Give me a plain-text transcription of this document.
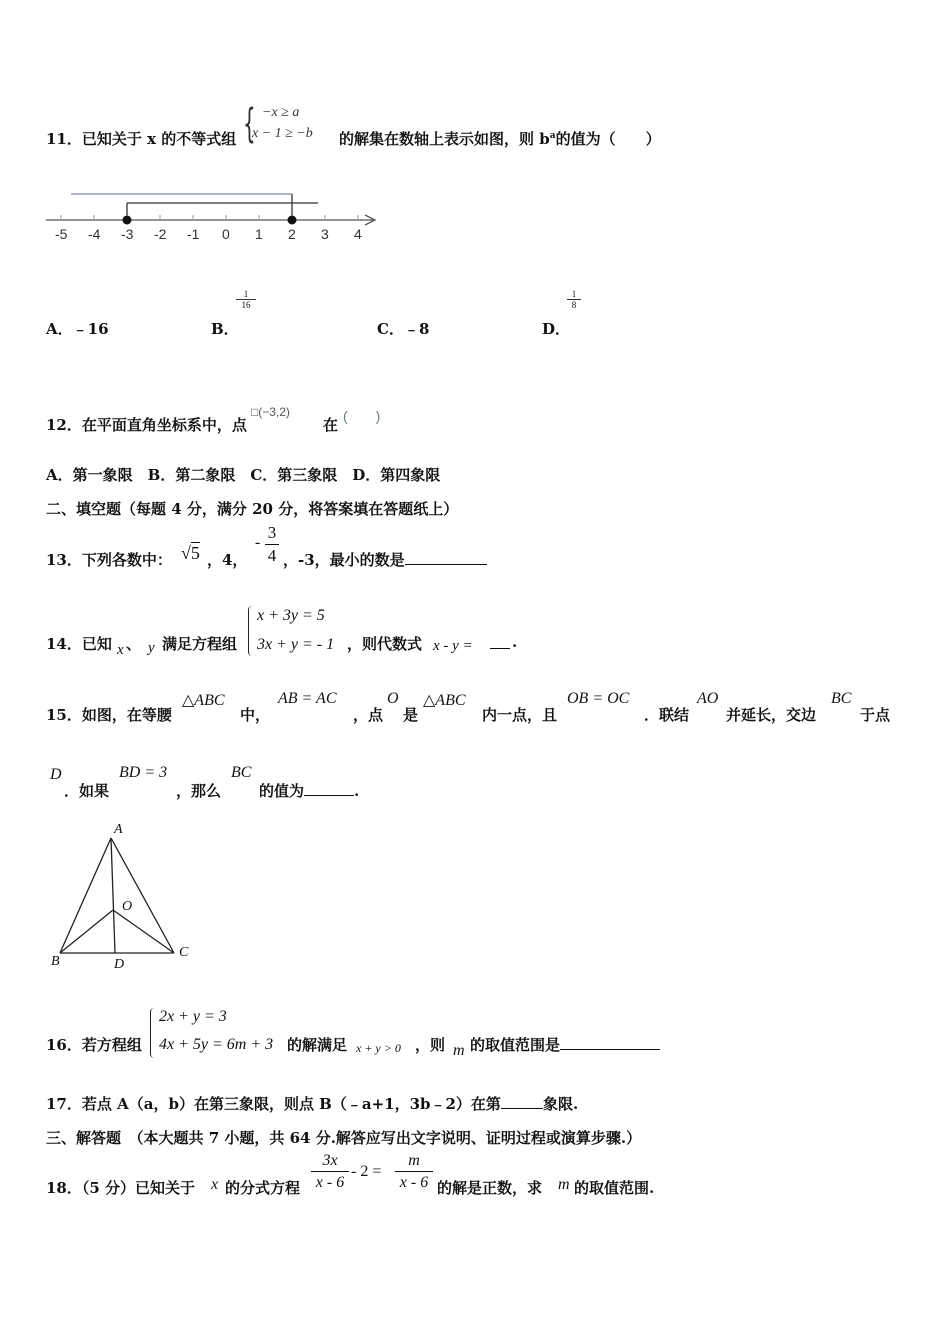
11．已知关于 x 的不等式组 { −x ≥ a
x − 1 ≥ −b 的解集在数轴上表示如图，则 $b^a$的值为（　　）
-5 -4 -3 -2 -1 0 1 2 3 4
A．﹣16	B．
$\frac{1}{16}$
C．﹣8	D．
$\frac{1}{8}$
12．在平面直角坐标系中，点
□(−3,2)
在 (　　)
A．第一象限　B．第二象限　C．第三象限　D．第四象限
二、填空题（每题 4 分，满分 20 分，将答案填在答题纸上）
13．下列各数中： √5 ，4，
- $\frac{3}{4}$ ，-3，最小的数是
14．已知 x 、 y 满足方程组
x + 3y = 5
3x + y = - 1 ，则代数式 x - y =	.
15．如图，在等腰
△ABC
中，
AB = AC
，点
O
是
△ABC
内一点，且
OB = OC
．联结
AO
并延长，交边
BC
于点
D
．如果
BD = 3
，那么
BC
的值为	.
A
O
B	D
C
16．若方程组
2x + y = 3
4x + 5y = 6m + 3 的解满足 x + y > 0 ，则 m 的取值范围是
17．若点 A（a，b）在第三象限，则点 B（﹣a+1，3b﹣2）在第	象限.
三、解答题　（本大题共 7 小题，共 64 分.解答应写出文字说明、证明过程或演算步骤.）
18．（5 分）已知关于 x 的分式方程 $\frac{3x}{x - 6} - 2 = \frac{m}{x - 6}$ 的解是正数，求 m 的取值范围.
